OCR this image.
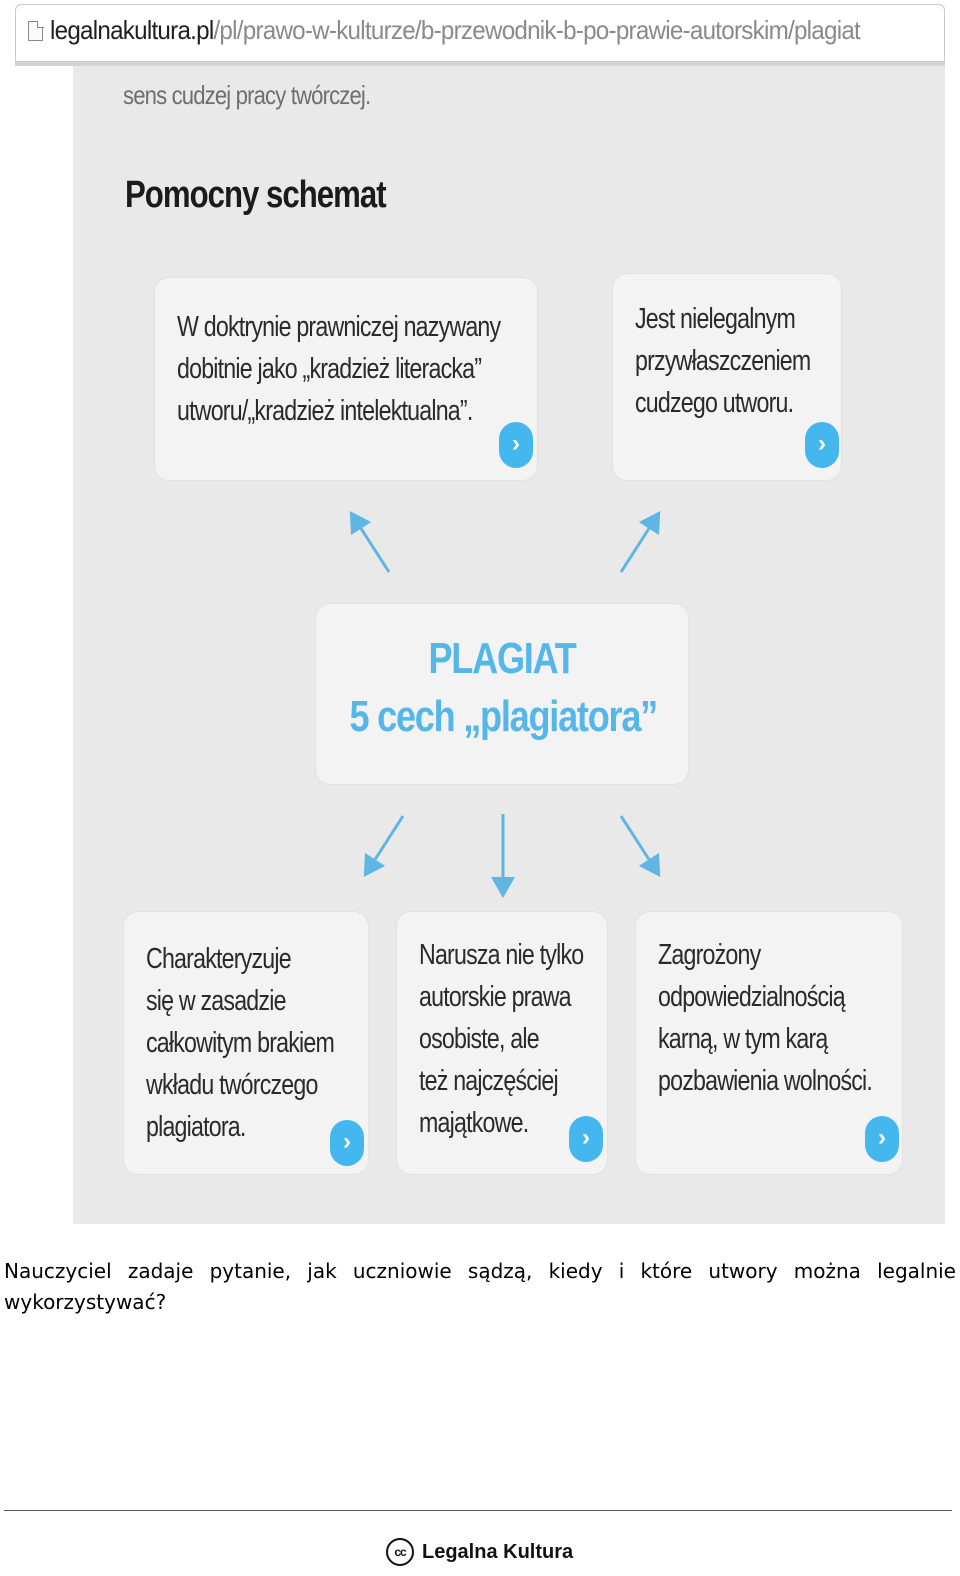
legalnakultura.pl/pl/prawo-w-kulturze/b-przewodnik-b-po-prawie-autorskim/plagiat
sens cudzej pracy twórczej.
Pomocny schemat
W doktrynie prawniczej nazywany
dobitnie jako „kradzież literacka”
utworu/„kradzież intelektualna”.
›
Jest nielegalnym
przywłaszczeniem
cudzego utworu.
›
PLAGIAT
5 cech „plagiatora”
Charakteryzuje
się w zasadzie
całkowitym brakiem
wkładu twórczego
plagiatora.	›
Narusza nie tylko
autorskie prawa
osobiste, ale
też najczęściej
majątkowe.	›
Zagrożony
odpowiedzialnością
karną, w tym karą
pozbawienia wolności.
›
Nauczyciel zadaje pytanie, jak uczniowie sądzą, kiedy i które utwory można legalnie wykorzystywać?
cc Legalna Kultura
